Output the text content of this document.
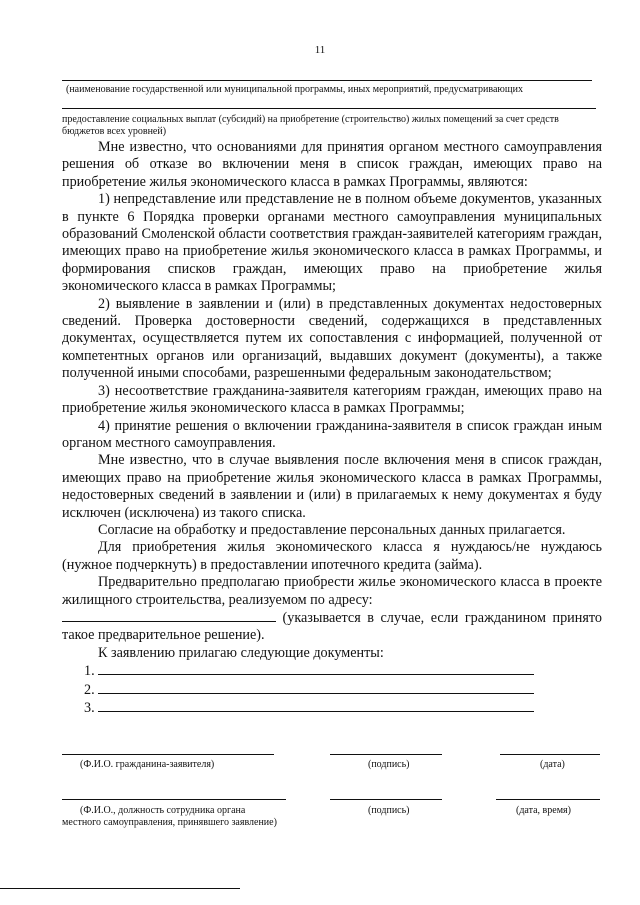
11
(наименование государственной или муниципальной программы, иных мероприятий, предусматривающих
предоставление социальных выплат (субсидий) на приобретение (строительство) жилых помещений за счет средств бюджетов всех уровней)

Мне известно, что основаниями для принятия органом местного самоуправления решения об отказе во включении меня в список граждан, имеющих право на приобретение жилья экономического класса в рамках Программы, являются:

1) непредставление или представление не в полном объеме документов, указанных в пункте 6 Порядка проверки органами местного самоуправления муниципальных образований Смоленской области соответствия граждан-заявителей категориям граждан, имеющих право на приобретение жилья экономического класса в рамках Программы, и формирования списков граждан, имеющих право на приобретение жилья экономического класса в рамках Программы;

2) выявление в заявлении и (или) в представленных документах недостоверных сведений. Проверка достоверности сведений, содержащихся в представленных документах, осуществляется путем их сопоставления с информацией, полученной от компетентных органов или организаций, выдавших документ (документы), а также полученной иными способами, разрешенными федеральным законодательством;

3) несоответствие гражданина-заявителя категориям граждан, имеющих право на приобретение жилья экономического класса в рамках Программы;

4) принятие решения о включении гражданина-заявителя в список граждан иным органом местного самоуправления.

Мне известно, что в случае выявления после включения меня в список граждан, имеющих право на приобретение жилья экономического класса в рамках Программы, недостоверных сведений в заявлении и (или) в прилагаемых к нему документах я буду исключен (исключена) из такого списка.

Согласие на обработку и предоставление персональных данных прилагается.

Для приобретения жилья экономического класса я нуждаюсь/не нуждаюсь (нужное подчеркнуть) в предоставлении ипотечного кредита (займа).

Предварительно предполагаю приобрести жилье экономического класса в проекте жилищного строительства, реализуемом по адресу:

(указывается в случае, если гражданином принято такое предварительное решение).

К заявлению прилагаю следующие документы:

1.

2.

3.

(Ф.И.О. гражданина-заявителя)	(подпись)	(дата)
(Ф.И.О., должность сотрудника органа
местного самоуправления, принявшего заявление)
(подпись)	(дата, время)
